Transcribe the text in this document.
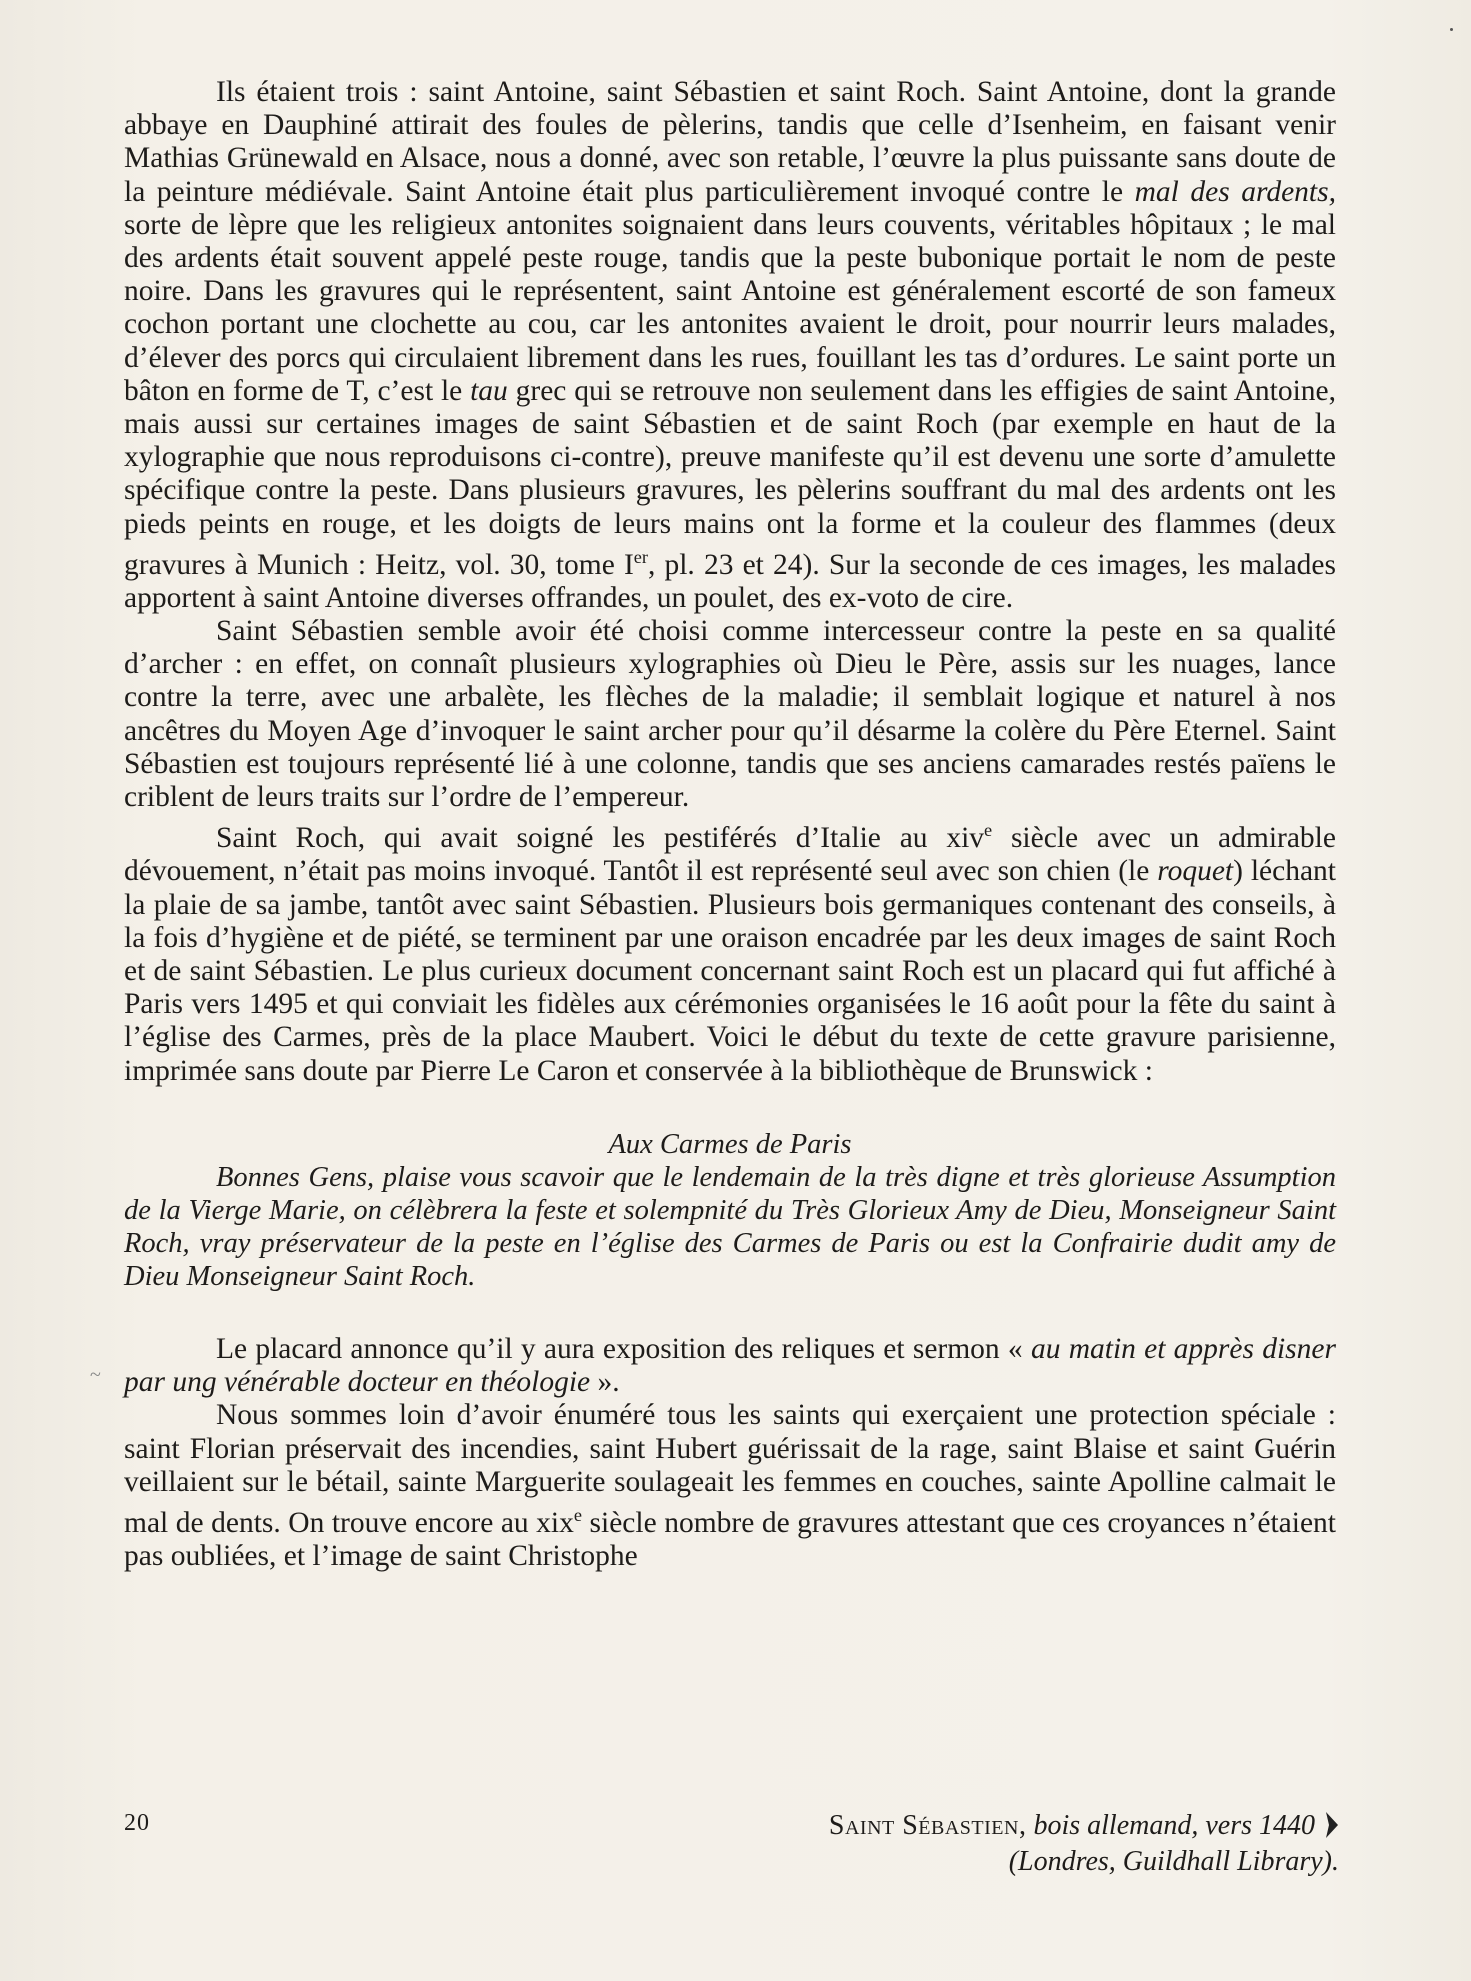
~

Ils étaient trois : saint Antoine, saint Sébastien et saint Roch. Saint Antoine, dont la grande abbaye en Dauphiné attirait des foules de pèlerins, tandis que celle d’Isenheim, en faisant venir Mathias Grünewald en Alsace, nous a donné, avec son retable, l’œuvre la plus puissante sans doute de la peinture médiévale. Saint Antoine était plus particulièrement invoqué contre le mal des ardents, sorte de lèpre que les religieux antonites soignaient dans leurs couvents, véritables hôpitaux ; le mal des ardents était souvent appelé peste rouge, tandis que la peste bubonique portait le nom de peste noire. Dans les gravures qui le représentent, saint Antoine est généralement escorté de son fameux cochon portant une clochette au cou, car les antonites avaient le droit, pour nourrir leurs malades, d’élever des porcs qui circulaient librement dans les rues, fouillant les tas d’ordures. Le saint porte un bâton en forme de T, c’est le tau grec qui se retrouve non seulement dans les effigies de saint Antoine, mais aussi sur certaines images de saint Sébastien et de saint Roch (par exemple en haut de la xylographie que nous reproduisons ci-contre), preuve manifeste qu’il est devenu une sorte d’amulette spécifique contre la peste. Dans plusieurs gravures, les pèlerins souffrant du mal des ardents ont les pieds peints en rouge, et les doigts de leurs mains ont la forme et la couleur des flammes (deux gravures à Munich : Heitz, vol. 30, tome Ier, pl. 23 et 24). Sur la seconde de ces images, les malades apportent à saint Antoine diverses offrandes, un poulet, des ex-voto de cire.

Saint Sébastien semble avoir été choisi comme intercesseur contre la peste en sa qualité d’archer : en effet, on connaît plusieurs xylographies où Dieu le Père, assis sur les nuages, lance contre la terre, avec une arbalète, les flèches de la maladie; il semblait logique et naturel à nos ancêtres du Moyen Age d’invoquer le saint archer pour qu’il désarme la colère du Père Eternel. Saint Sébastien est toujours représenté lié à une colonne, tandis que ses anciens camarades restés païens le criblent de leurs traits sur l’ordre de l’empereur.

Saint Roch, qui avait soigné les pestiférés d’Italie au xiv$^e$ siècle avec un admirable dévouement, n’était pas moins invoqué. Tantôt il est représenté seul avec son chien (le roquet) léchant la plaie de sa jambe, tantôt avec saint Sébastien. Plusieurs bois germaniques contenant des conseils, à la fois d’hygiène et de piété, se terminent par une oraison encadrée par les deux images de saint Roch et de saint Sébastien. Le plus curieux document concernant saint Roch est un placard qui fut affiché à Paris vers 1495 et qui conviait les fidèles aux cérémonies organisées le 16 août pour la fête du saint à l’église des Carmes, près de la place Maubert. Voici le début du texte de cette gravure parisienne, imprimée sans doute par Pierre Le Caron et conservée à la bibliothèque de Brunswick :

Aux Carmes de Paris

Bonnes Gens, plaise vous scavoir que le lendemain de la très digne et très glorieuse Assumption de la Vierge Marie, on célèbrera la feste et solempnité du Très Glorieux Amy de Dieu, Monseigneur Saint Roch, vray préservateur de la peste en l’église des Carmes de Paris ou est la Confrairie dudit amy de Dieu Monseigneur Saint Roch.

Le placard annonce qu’il y aura exposition des reliques et sermon « au matin et apprès disner par ung vénérable docteur en théologie ».

Nous sommes loin d’avoir énuméré tous les saints qui exerçaient une protection spéciale : saint Florian préservait des incendies, saint Hubert guérissait de la rage, saint Blaise et saint Guérin veillaient sur le bétail, sainte Marguerite soulageait les femmes en couches, sainte Apolline calmait le mal de dents. On trouve encore au xix$^e$ siècle nombre de gravures attestant que ces croyances n’étaient pas oubliées, et l’image de saint Christophe

20	Saint Sébastien, bois allemand, vers 1440
(Londres, Guildhall Library).
